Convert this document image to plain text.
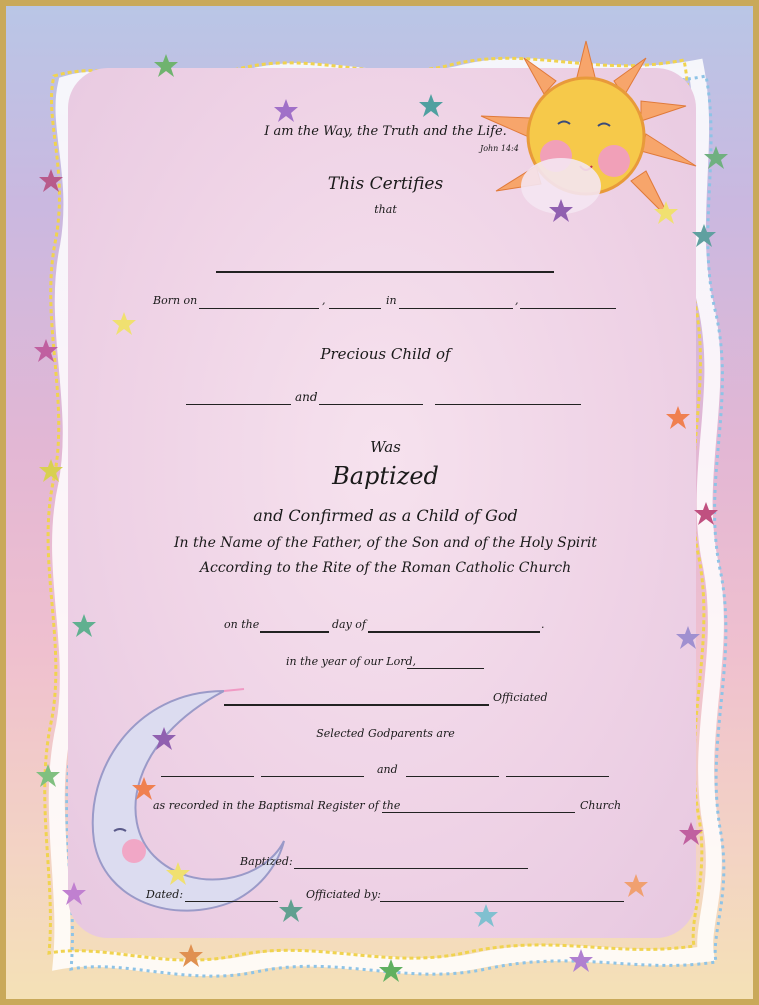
I am the Way, the Truth and the Life.
John 14:4
This Certifies
that
Born on	,	in	,
Precious Child of
and
Was
Baptized
and Confirmed as a Child of God
In the Name of the Father, of the Son and of the Holy Spirit
According to the Rite of the Roman Catholic Church
on the	day of	.
in the year of our Lord,
Officiated
Selected Godparents are
and
as recorded in the Baptismal Register of the	Church
Baptized:
Dated:	Officiated by:
